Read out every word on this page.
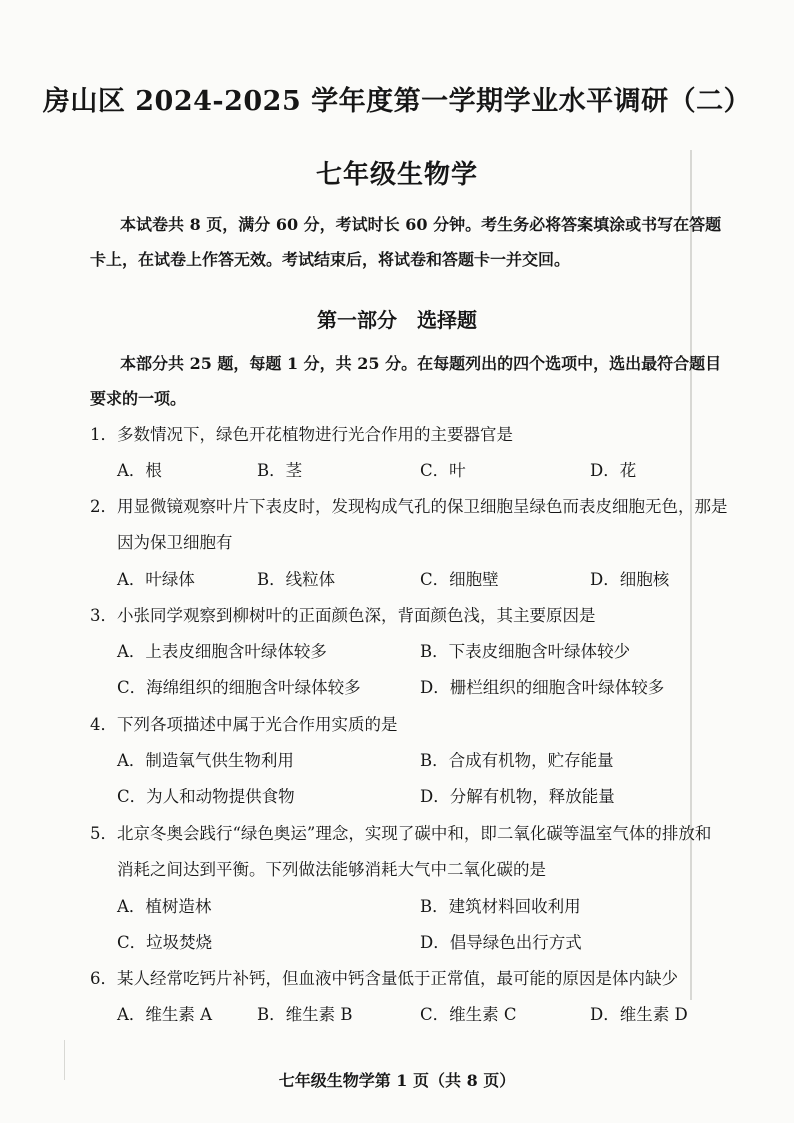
房山区 2024-2025 学年度第一学期学业水平调研（二）
七年级生物学
本试卷共 8 页，满分 60 分，考试时长 60 分钟。考生务必将答案填涂或书写在答题
卡上，在试卷上作答无效。考试结束后，将试卷和答题卡一并交回。
第一部分　选择题
本部分共 25 题，每题 1 分，共 25 分。在每题列出的四个选项中，选出最符合题目
要求的一项。
1．多数情况下，绿色开花植物进行光合作用的主要器官是
A．根	B．茎	C．叶	D．花
2．用显微镜观察叶片下表皮时，发现构成气孔的保卫细胞呈绿色而表皮细胞无色，那是
因为保卫细胞有
A．叶绿体	B．线粒体	C．细胞壁	D．细胞核
3．小张同学观察到柳树叶的正面颜色深，背面颜色浅，其主要原因是
A．上表皮细胞含叶绿体较多	B．下表皮细胞含叶绿体较少
C．海绵组织的细胞含叶绿体较多	D．栅栏组织的细胞含叶绿体较多
4．下列各项描述中属于光合作用实质的是
A．制造氧气供生物利用	B．合成有机物，贮存能量
C．为人和动物提供食物	D．分解有机物，释放能量
5．北京冬奥会践行“绿色奥运”理念，实现了碳中和，即二氧化碳等温室气体的排放和
消耗之间达到平衡。下列做法能够消耗大气中二氧化碳的是
A．植树造林	B．建筑材料回收利用
C．垃圾焚烧	D．倡导绿色出行方式
6．某人经常吃钙片补钙，但血液中钙含量低于正常值，最可能的原因是体内缺少
A．维生素 A	B．维生素 B	C．维生素 C	D．维生素 D
七年级生物学第 1 页（共 8 页）
